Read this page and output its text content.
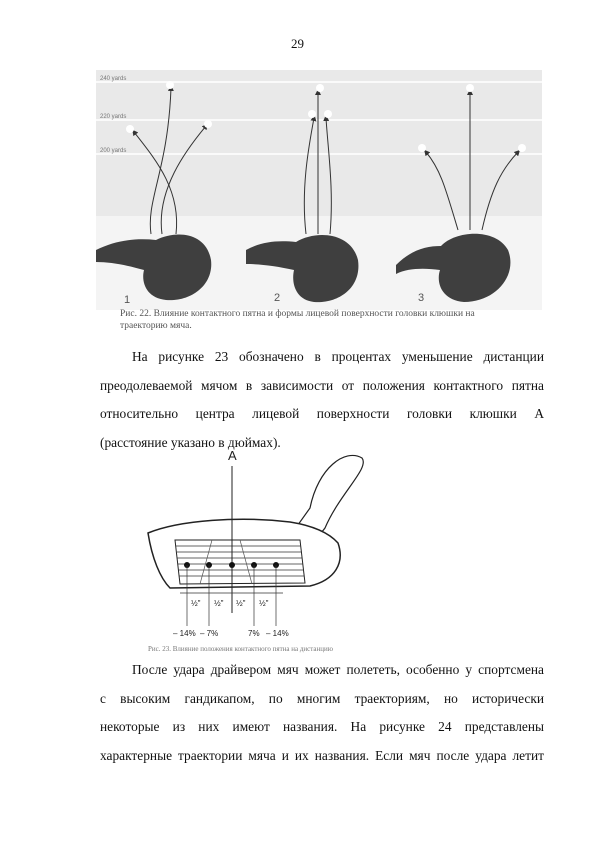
29
240 yards
220 yards
200 yards
1	2	3
Рис. 22. Влияние контактного пятна и формы лицевой поверхности головки клюшки на траекторию мяча.

На рисунке 23 обозначено в процентах уменьшение дистанции
преодолеваемой мячом в зависимости от положения контактного пятна
относительно центра лицевой поверхности головки клюшки A
(расстояние указано в дюймах).

A
½" ½" ½" ½"
– 14% – 7%	7% – 14%
Рис. 23. Влияние положения контактного пятна на дистанцию

После удара драйвером мяч может полететь, особенно у спортсмена
с высоким гандикапом, по многим траекториям, но исторически
некоторые из них имеют названия. На рисунке 24 представлены
характерные траектории мяча и их названия. Если мяч после удара летит
